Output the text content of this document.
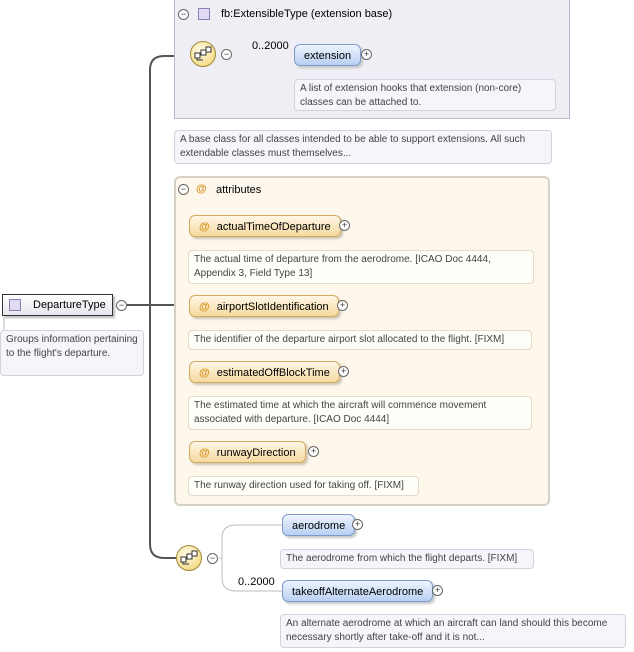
−	fb:ExtensibleType (extension base)
−
0..2000
extension	+
A list of extension hooks that extension (non-core) classes can be attached to.
A base class for all classes intended to be able to support extensions. All such extendable classes must themselves...
DepartureType	−
Groups information pertaining to the flight's departure.
− @ attributes
@ actualTimeOfDeparture	+
The actual time of departure from the aerodrome. [ICAO Doc 4444, Appendix 3, Field Type 13]
@ airportSlotIdentification	+
The identifier of the departure airport slot allocated to the flight. [FIXM]
@ estimatedOffBlockTime	+
The estimated time at which the aircraft will commence movement associated with departure. [ICAO Doc 4444]
@ runwayDirection	+
The runway direction used for taking off. [FIXM]
−
aerodrome	+
The aerodrome from which the flight departs. [FIXM]
0..2000
takeoffAlternateAerodrome	+
An alternate aerodrome at which an aircraft can land should this become necessary shortly after take-off and it is not...
